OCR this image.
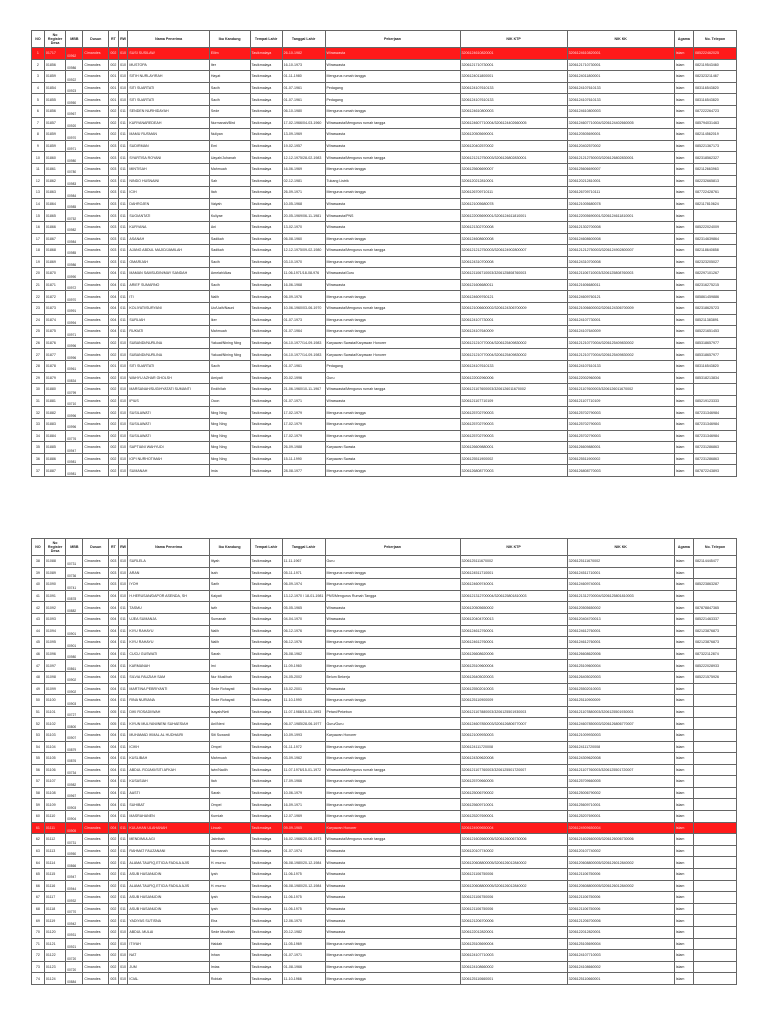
NO	No Register Desa	MBB	Dusun	RT	RW	Nama Penerima	Ibu Kandung	Tempat Lahir	Tanggal Lahir	Pekerjaan	NIK KTP	NIK KK	Agama	No. Telepon
1	01717	00962	Cimandes	002	010	SUSI SUSILAW	Ellim	Tasikmalaya	26-10-1982	Wiraswasta	3206124610820001	3206124610820001	Islam	085222462025
2	01856	00986	Cimandes	002	010	MUSTOPA	Iter	Tasikmalaya	16-10-1973	Wiraswasta	3206121710730001	3206121710730001	Islam	082119543460
3	01859	00922	Cimandes	001	010	SITIH NURLAYIRAH	Hayat	Tasikmalaya	01-11-1980	Mengurus rumah tangga	3206124011800001	3206124011800001	Islam	082323211467
4	01854	00923	Cimandes	001	010	SITI SUARTATI	Sacih	Tasikmalaya	01-07-1961	Pedagang	3206124107610133	3206124107610133	Islam	083116543820
5	01855	00950	Cimandes	001	010	SITI SUARTATI	Sacih	Tasikmalaya	01-07-1961	Pedagang	3206124107610133	3206124107610133	Islam	083116543820
6	01856	00967	Cimandes	002	011	SENDEN NURHIDAYAH	Sede	Tasikmalaya	06-10-1980	Mengurus rumah tangga	3206124610800003	3206124610800003	Islam	087222264723
7	01857	00920	Cimandes	002	011	KURYANAREDEAH	Nurmanah/Bird	Tasikmalaya	17-02-1966/04-03-1960	Wiraswasta/Mengurus rumah tangga	3206124607710004/3206124402660005	3206124607710004/3206124402660005	Islam	085794031463
8	01859	00970	Cimandes	002	011	MAMU RUSMAN	Nuliyan	Tasikmalaya	13-09-1969	Wiraswasta	3206120505690001	3206120505690001	Islam	082114562019
9	01859	00971	Cimandes	003	011	SUDIRMAN	Emi	Tasikmalaya	19-02-1957	Wiraswasta	3206120402570002	3206120402570002	Islam	085221367173
10	01860	00980	Cimandes	003	011	SYARTISA ROYANI	Uayah/Juhanah	Tasikmalaya	12-12-1975/28-02-1983	Wiraswasta/Mengurus rumah tangga	3206121212750003/3206126802830001	3206121212750003/3206126802830001	Islam	082318562327
11	01861	00780	Cimandes	003	011	MINTISAH	Mahmuah	Tasikmalaya	16-06-1969	Mengurus rumah tangga	3206125606690007	3206125606690007	Islam	082112663963
12	01862	00983	Cimandes	003	011	NINDO HUSNAINI	Sah	Tasikmalaya	02-12-1981	Tukang Listrik	3206120212810001	3206120212810001	Islam	082232665813
13	01863	00984	Cimandes	003	011	ICIH	Itah	Tasikmalaya	26-09-1971	Mengurus rumah tangga	3206126709710111	3206126709710111	Islam	087722428761
14	01864	00985	Cimandes	003	011	DAHROJEN	Vaiyah	Tasikmalaya	10-05-1968	Wiraswasta	3206121005680078	3206121005680078	Islam	082117810624
15	01865	00752	Cimandes	003	011	SUGIANTATI	Kuliyae	Tasikmalaya	20-05-1969/06-11-1981	Wiraswasta/PNS	3206122005690001/3206124611810001	3206122005690001/3206124611810001	Islam	
16	01866	00982	Cimandes	003	011	KURYANA	Ani	Tasikmalaya	13-02-1970	Wiraswasta	3206121302700008	3206121302700008	Islam	085222024009
17	01867	00984	Cimandes	003	011	ASANAH	Sadikah	Tasikmalaya	06-08-1960	Mengurus rumah tangga	3206124608600008	3206124608600008	Islam	082314639864
18	01868	00985	Cimandes	003	011	AJANG ABDUL MAJID/JAMILAH	Sadikah	Tasikmalaya	12-12-1975/09-02-1980	Wiraswasta/Mengurus rumah tangga	3206121212750003/3206124902800007	3206121212750003/3206124902800007	Islam	082118640858
19	01869	00986	Cimandes	003	011	OMARIJAH	Sacih	Tasikmalaya	03-10-1970	Mengurus rumah tangga	3206124310700008	3206124310700008	Islam	082323205027
20	01870	00990	Cimandes	004	011	MAMAN SAMSUDIN/MAY SANDAH	Amelah/Atas	Tasikmalaya	11-06-1971/18-08-976	Wiraswasta/Guru	3206121106710003/3206125808760003	3206121106710003/3206125808760003	Islam	082297101267
21	01871	00972	Cimandes	004	011	ARIEF SUMARNO	Sacih	Tasikmalaya	16-06-1968	Wiraswasta	3206121606680011	3206121606680011	Islam	082316275215
22	01872	00970	Cimandes	004	011	ITI	Nalih	Tasikmalaya	06-09-1976	Mengurus rumah tangga	3206124609760121	3206124609760121	Islam	085861459886
23	01873	00991	Cimandes	004	011	KOLIYATI/SURYANI	Uo/Uaih/Nauni	Tasikmalaya	10-06-1960/03-06-1970	Wiraswasta/Mengurus rumah tangga	3206121006600002/3206124306700009	3206121006600002/3206124306700009	Islam	082318625723
24	01874	00994	Cimandes	004	011	SURLIAH	Iker	Tasikmalaya	01-07-1973	Mengurus rumah tangga	3206124107730001	3206124107730001	Islam	085211383891
25	01875	00971	Cimandes	004	011	RUKIATI	Mahmuah	Tasikmalaya	01-07-1964	Mengurus rumah tangga	3206124107640009	3206124107640009	Islam	085221651453
26	01876	00996	Cimandes	002	010	SUBANDI/NURLINA	Yakuat/Nining Ning	Tasikmalaya	04-10-1977/14-09-1983	Karyawan Swasta/Karyawan Honorer	3206121210770004/3206125409830002	3206121210770004/3206125409830002	Islam	085318657977
27	01877	00996	Cimandes	002	010	SUBANDI/NURLINA	Yakuat/Nining Ning	Tasikmalaya	04-10-1977/14-09-1983	Karyawan Swasta/Karyawan Honorer	3206121210770004/3206125409830002	3206121210770004/3206125409830002	Islam	085318657977
28	01878	00961	Cimandes	001	010	SITI SUARTATI	Sacih	Tasikmalaya	01-07-1961	Pedagang	3206124107610133	3206124107610133	Islam	083116543820
29	01879	00834	Cimandes	002	010	WAHYU AZHAR GHOLSH	Amiyati	Tasikmalaya	20-02-1996	Guru	3206122002960006	3206122002960006	Islam	085318213834
30	01880	00799	Cimandes	002	010	MARSANAH/SUGIHYATATI SUMANTI	Endih/Iah	Tasikmalaya	21-06-1960/10-11-1967	Wiraswasta/Mengurus rumah tangga	3206121107600003/3206126011670002	3206121107600003/3206126011670002	Islam	
31	01881	00710	Cimandes	002	010	IPIUS	Ocon	Tasikmalaya	01-07-1971	Wiraswasta	3206121107710109	3206121107710109	Islam	085219123333
32	01882	00996	Cimandes	002	010	SUSILAWATI	Ning Ning	Tasikmalaya	17-02-1979	Mengurus rumah tangga	3206125702790003	3206125702790003	Islam	087231346984
33	01883	00996	Cimandes	002	010	SUSILAWATI	Ning Ning	Tasikmalaya	17-02-1979	Mengurus rumah tangga	3206125702790003	3206125702790003	Islam	087231346984
34	01884	00776	Cimandes	002	010	SUSILAWATI	Ning Ning	Tasikmalaya	17-02-1979	Mengurus rumah tangga	3206125702790003	3206125702790003	Islam	087231346984
35	01885	00947	Cimandes	002	010	SAPTIANI WAHYUDI	Ning Ning	Tasikmalaya	26-09-1988	Karyawan Swasta	3206126609880001	3206126609880001	Islam	087231286863
36	01886	00981	Cimandes	002	010	IOPI NURHOTIMAH	Ning Ning	Tasikmalaya	15-11-1990	Karyawan Swasta	3206125511900002	3206125511900002	Islam	087231286863
37	01887	00981	Cimandes	002	010	SUMANAH	Imia	Tasikmalaya	28-08-1977	Mengurus rumah tangga	3206126808770003	3206126808770003	Islam	087872243893
NO	No Register Desa	MBB	Dusun	RT	RW	Nama Penerima	Ibu Kandung	Tempat Lahir	Tanggal Lahir	Pekerjaan	NIK KTP	NIK KK	Agama	No. Telepon
38	01088	00731	Cimandes	003	010	SURLELA	Itiyah	Tasikmalaya	11-11-1967	Guru	3206125111670002	3206125111670002	Islam	082114445477
39	01089	00736	Cimandes	003	010	ARAN	Isah	Tasikmalaya	05-11-1971	Mengurus rumah tangga	3206124511710001	3206124511710001	Islam	
40	01090	00741	Cimandes	003	010	IYOH	Sarih	Tasikmalaya	06-09-1974	Mengurus rumah tangga	3206124609740001	3206124609740001	Islam	085223863287
41	01091	00878	Cimandes	004	010	H.HERUSAN/DAPOR ASENDA, SH	Kaiyati	Tasikmalaya	13-12-1970 / 18-01-1981	PNS/Mengurus Rumah Tangga	3206121312700004/3206125801810003	3206121312700004/3206125801810003	Islam	
42	01092	00882	Cimandes	004	011	TASMU	Iwih	Tasikmalaya	05-05-1965	Wiraswasta	3206120505650002	3206120505650002	Islam	087878847365
43	01093		Cimandes	004	011	UJEA SUMANJA	Sumanah	Tasikmalaya	04-04-1970	Wiraswasta	3206120404700013	3206120404700013	Islam	085221463337
44	01094	00901	Cimandes	004	011	KIYU RAHAYU	Nalih	Tasikmalaya	06-12-1976	Mengurus rumah tangga	3206124612760001	3206124612760001	Islam	082123876873
45	01095	00901	Cimandes	004	011	KIYU RAHAYU	Nalih	Tasikmalaya	06-12-1976	Mengurus rumah tangga	3206124612760001	3206124612760001	Islam	082123876873
46	01096	00980	Cimandes	004	011	CUCU GUSWATI	Sarah	Tasikmalaya	26-08-1962	Mengurus rumah tangga	3206126608620006	3206126608620006	Islam	087322112874
47	01097	00861	Cimandes	004	011	KARMANAH	Imi	Tasikmalaya	11-09-1960	Mengurus rumah tangga	3206125109600004	3206125109600004	Islam	085222028933
48	01098	00902	Cimandes	004	011	SILVIA FAUZIAH SAM	Nur Muslihah	Tasikmalaya	24-05-2002	Belum Bekerja	3206126405020003	3206126405020003	Islam	085221575926
49	01099	00902	Cimandes	004	011	MARTINA PEBRIYANTI	Sede Rohayati	Tasikmalaya	15-02-2001	Wiraswasta	3206125502010003	3206125502010003	Islam	
50	01100	00903	Cimandes	004	011	RINA NURIANA	Sede Rohayati	Tasikmalaya	11-10-1990	Mengurus rumah tangga	3206125110900009	3206125110900009	Islam	
51	01101	00727	Cimandes	005	011	DIKI ROSADI/WAH	Isayah/Neti	Tasikmalaya	11-07-1988/15-01-1993	Petani/Pekebun	3206121107880003/3206125501930003	3206121107880003/3206125501930003	Islam	
52	01102	00800	Cimandes	005	011	KIYUN MULYANI/NENI SUHAESIAH	Ani/Neni	Tasikmalaya	06-07-1985/28-06-1977	Guru/Guru	3206124607850003/3206126806770007	3206124607850003/3206126806770007	Islam	
53	01103	00907	Cimandes	004	011	MUHAMAD IKMAL AL HUDHAIRI	Siti Suwardi	Tasikmalaya	10-09-1993	Karyawan Honorer	3206121009930003	3206121009930003	Islam	
54	01104	00879	Cimandes	004	011	ICIKH	Ompel	Tasikmalaya	01-11-1972	Mengurus rumah tangga	3206124111720008	3206124111720008	Islam	
55	01105	00876	Cimandes	004	011	KUSLIBAH	Mahmuah	Tasikmalaya	03-09-1962	Mengurus rumah tangga	3206124309620008	3206124309620008	Islam	
56	01106	00734	Cimandes	004	011	ABDUL ROJAKI/SITI AFKAH	Iwin/Nadih	Tasikmalaya	11-07-1976/15-01-1972	Wiraswasta/Mengurus rumah tangga	3206121107760003/3206125501720007	3206121107760003/3206125501720007	Islam	
57	01107	00982	Cimandes	004	011	KUSASIAH	Itah	Tasikmalaya	17-09-1966	Mengurus rumah tangga	3206125709660005	3206125709660005	Islam	
58	01108	00967	Cimandes	004	011	AASTI	Sarah	Tasikmalaya	10-06-1979	Mengurus rumah tangga	3206125006790002	3206125006790002	Islam	
59	01109	00903	Cimandes	004	011	SUHIBAT	Ompel	Tasikmalaya	16-09-1971	Mengurus rumah tangga	3206125609710001	3206125609710001	Islam	
60	01110	00904	Cimandes	004	011	MASRAHANEN	Kurniah	Tasikmalaya	12-07-1969	Mengurus rumah tangga	3206125207690001	3206125207690001	Islam	
61	01111	00905	Cimandes	004	011	KULAHAN ULAHANAH	Lincah	Tasikmalaya	09-09-1965	Karyawan Honorer	3206124909650004	3206124909650004	Islam	
62	01112	00731	Cimandes	002	011	MENDIMULAGI	Jabribah	Tasikmalaya	16-02-1966/20-06-1973	Wiraswasta/Mengurus rumah tangga	3206121602660005/3206126006730006	3206121602660005/3206126006730006	Islam	
63	01113	00950	Cimandes	002	011	RAHMAT FAUZANANI	Nurmanah	Tasikmalaya	01-07-1974	Wiraswasta	3206120107740002	3206120107740002	Islam	
64	01114	00866	Cimandes	002	011	ALAMA TAUFIQ,ETICIA FADILA AJIS	H. murnu	Tasikmalaya	06-08-1980/20-12-1984	Wiraswasta	3206120608800005/3206126012840002	3206120608800005/3206126012840002	Islam	
65	01115	00947	Cimandes	002	011	ASUB HASANUDIN	Iyah	Tasikmalaya	11-06-1975	Wiraswasta	3206121106750006	3206121106750006	Islam	
66	01116	00944	Cimandes	002	011	ALAMA TAUFIQ,ETICIA FADILA AJIS	H. murnu	Tasikmalaya	06-08-1980/20-12-1984	Wiraswasta	3206120608800005/3206126012840002	3206120608800005/3206126012840002	Islam	
67	01117	00932	Cimandes	002	011	ASUB HASANUDIN	Iyah	Tasikmalaya	11-06-1975	Wiraswasta	3206121106750006	3206121106750006	Islam	
68	01118	00770	Cimandes	002	011	ASUB HASANUDIN	Iyah	Tasikmalaya	11-06-1975	Wiraswasta	3206121106750006	3206121106750006	Islam	
69	01119	00942	Cimandes	002	011	YADIYAS SUTISNA	Eha	Tasikmalaya	12-06-1970	Wiraswasta	3206121206700006	3206121206700006	Islam	
70	01120	00931	Cimandes	002	010	ABDUL MULAI	Sede Muslihah	Tasikmalaya	20-12-1982	Wiraswasta	3206122012820001	3206122012820001	Islam	
71	01121	00921	Cimandes	002	010	ITIYAH	Haidah	Tasikmalaya	11-05-1969	Mengurus rumah tangga	3206125105690004	3206125105690004	Islam	
72	01122	00720	Cimandes	002	010	NAT	Inhan	Tasikmalaya	01-07-1971	Mengurus rumah tangga	3206124107710003	3206124107710003	Islam	
73	01123	00720	Cimandes	002	010	JUM	Imias	Tasikmalaya	01-08-1966	Mengurus rumah tangga	3206124108660002	3206124108660002	Islam	
74	01124	00884	Cimandes	003	010	ICIAL	Robiah	Tasikmalaya	11-10-1966	Mengurus rumah tangga	3206125110660001	3206125110660001	Islam	
